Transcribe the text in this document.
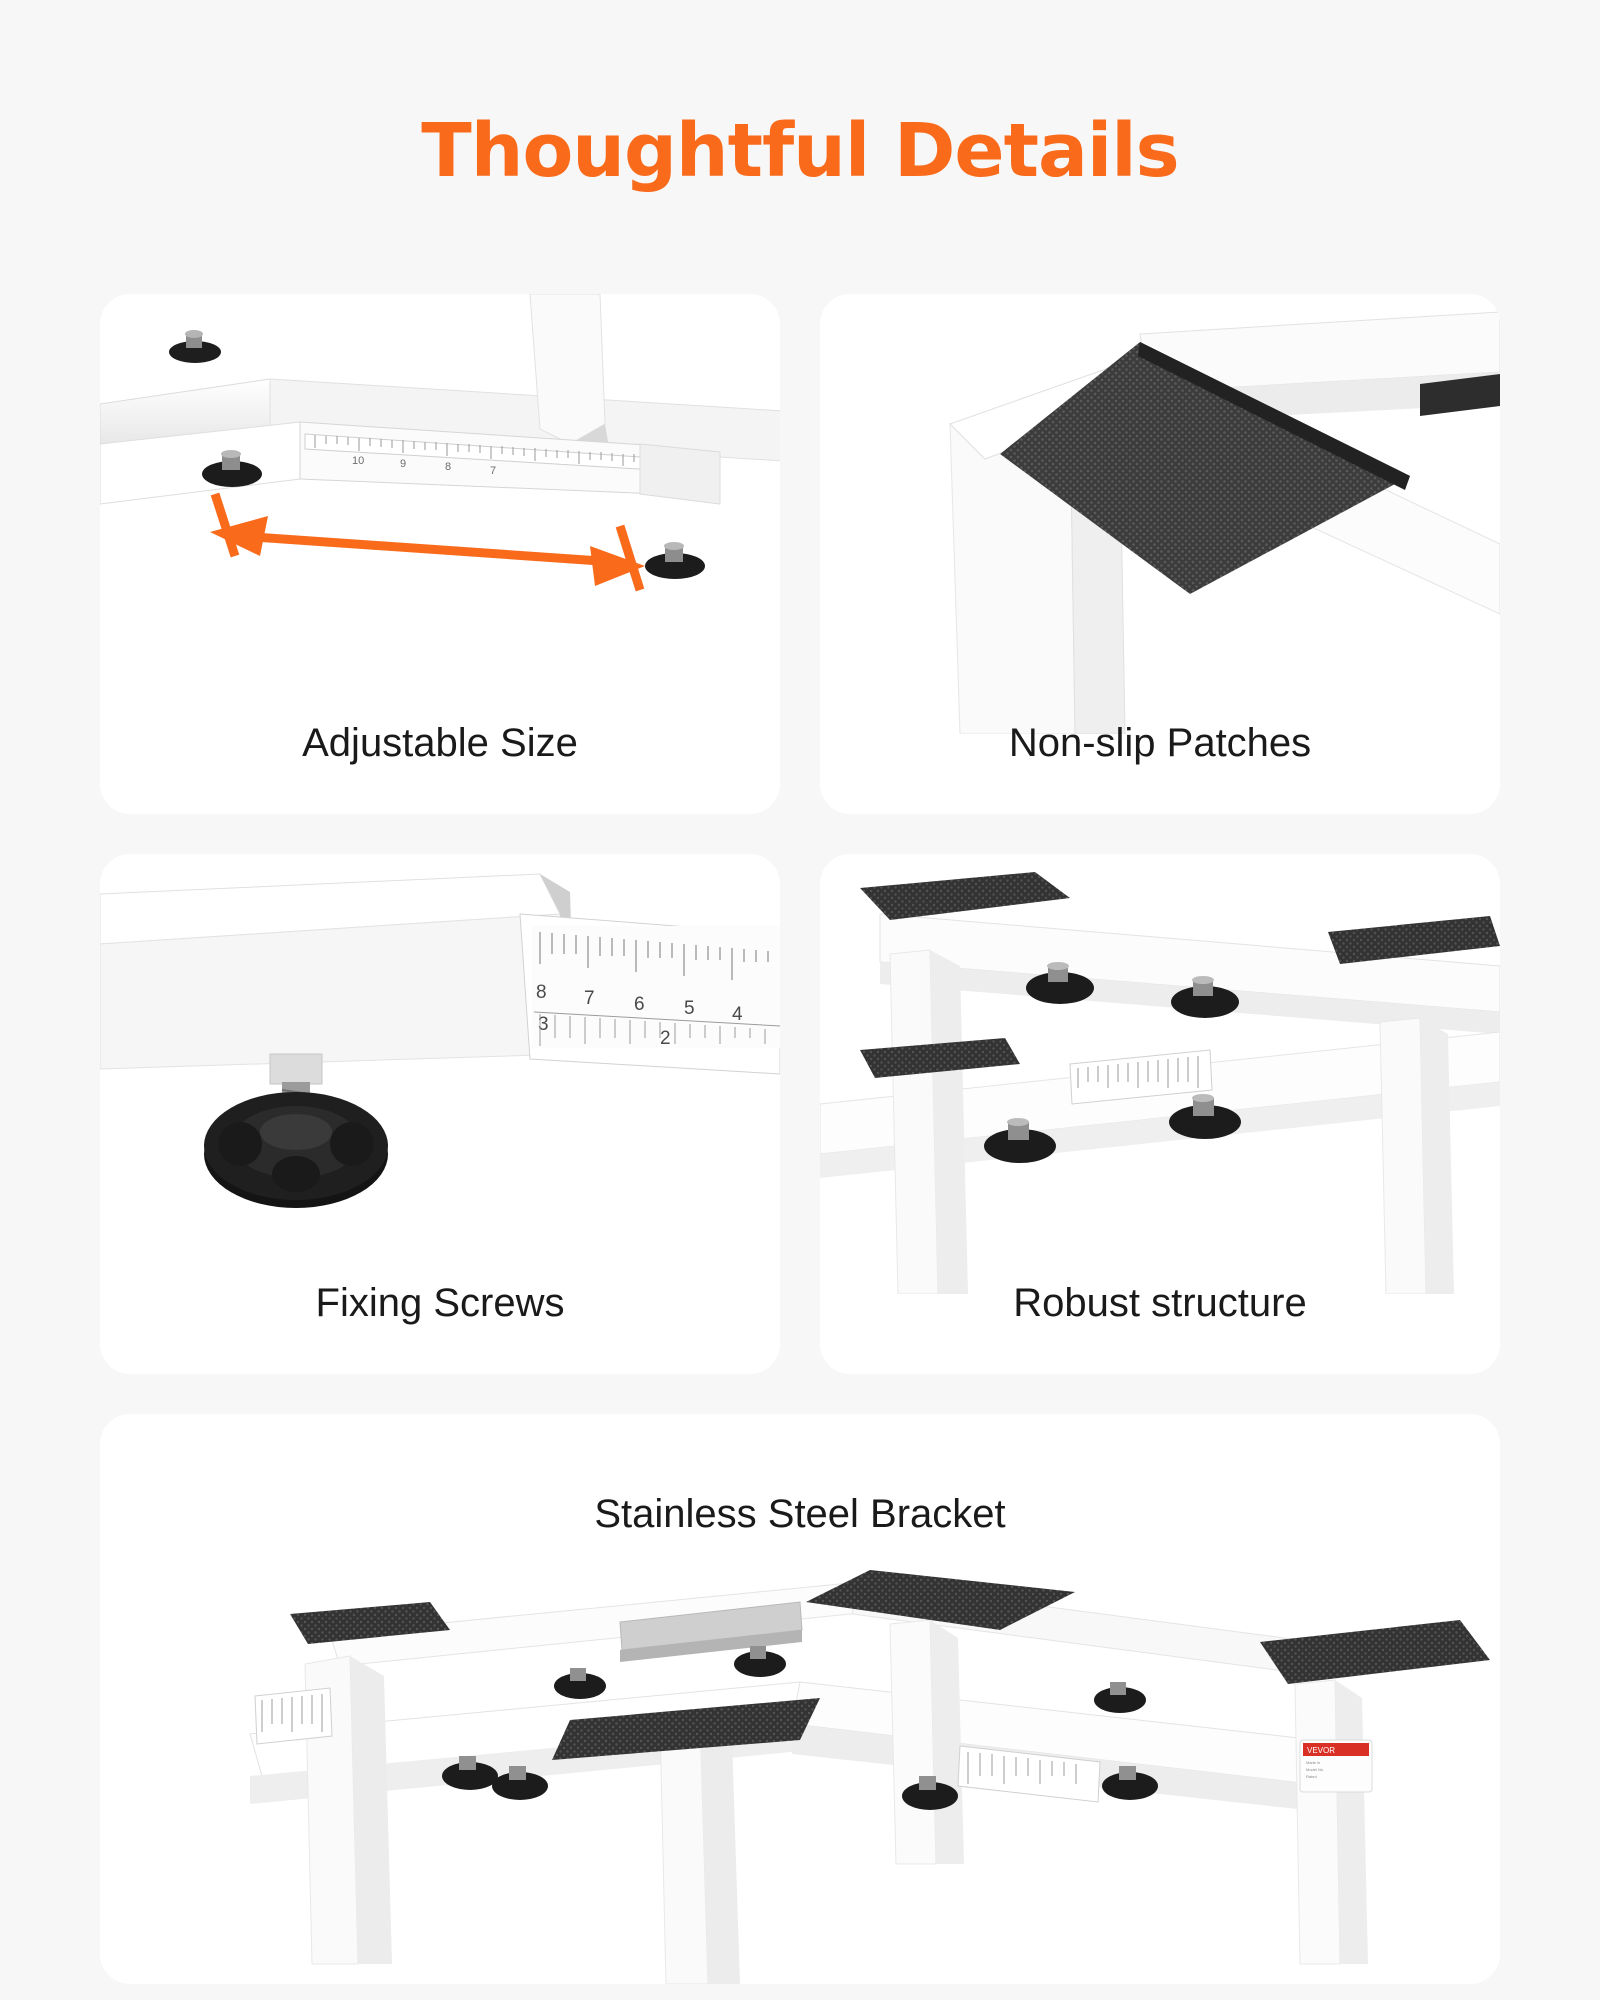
Thoughtful Details
10	9	8	7
Adjustable Size	Non-slip Patches
8 7 6 5 4
3
2
Fixing Screws	Robust structure
Stainless Steel Bracket
VEVOR
Made in
Model No.
Rated
